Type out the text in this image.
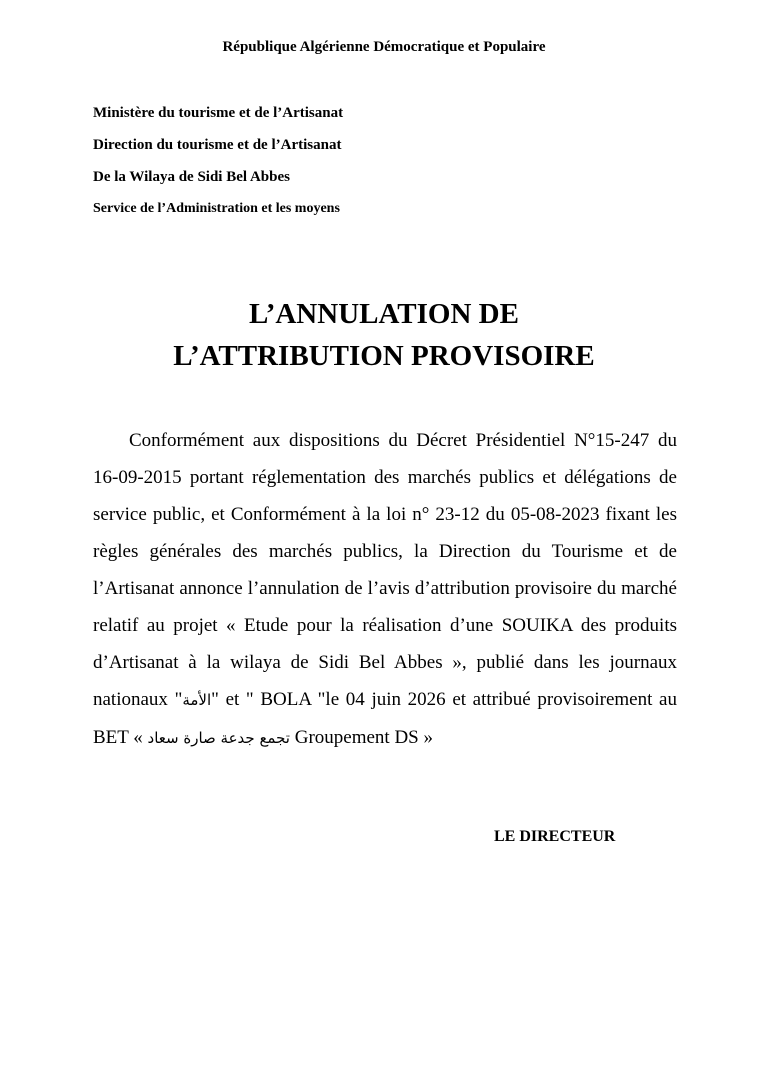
République Algérienne Démocratique et Populaire
Ministère du tourisme et de l’Artisanat
Direction du tourisme et de l’Artisanat
De la Wilaya de Sidi Bel Abbes
Service de l’Administration et les moyens
L’ANNULATION DE
L’ATTRIBUTION PROVISOIRE

Conformément aux dispositions du Décret Présidentiel N°15-247 du 16-09-2015 portant réglementation des marchés publics et délégations de service public, et Conformément à la loi n° 23-12 du 05-08-2023 fixant les règles générales des marchés publics, la Direction du Tourisme et de l’Artisanat annonce l’annulation de l’avis d’attribution provisoire du marché relatif au projet « Etude pour la réalisation d’une SOUIKA des produits d’Artisanat à la wilaya de Sidi Bel Abbes », publié dans les journaux nationaux "الأمة" et " BOLA "le 04 juin 2026 et attribué provisoirement au BET « تجمع جدعة صارة سعاد Groupement DS »

LE DIRECTEUR
